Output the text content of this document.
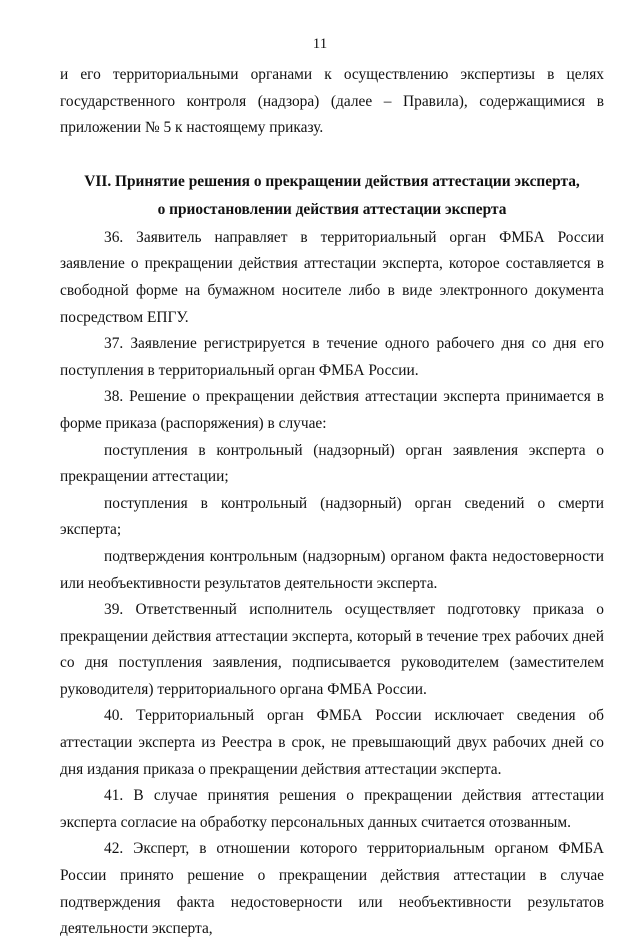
11

и его территориальными органами к осуществлению экспертизы в целях государственного контроля (надзора) (далее – Правила), содержащимися в приложении № 5 к настоящему приказу.

VII. Принятие решения о прекращении действия аттестации эксперта,
о приостановлении действия аттестации эксперта

36. Заявитель направляет в территориальный орган ФМБА России заявление о прекращении действия аттестации эксперта, которое составляется в свободной форме на бумажном носителе либо в виде электронного документа посредством ЕПГУ.

37. Заявление регистрируется в течение одного рабочего дня со дня его поступления в территориальный орган ФМБА России.

38. Решение о прекращении действия аттестации эксперта принимается в форме приказа (распоряжения) в случае:

поступления в контрольный (надзорный) орган заявления эксперта о прекращении аттестации;

поступления в контрольный (надзорный) орган сведений о смерти эксперта;

подтверждения контрольным (надзорным) органом факта недостоверности или необъективности результатов деятельности эксперта.

39. Ответственный исполнитель осуществляет подготовку приказа о прекращении действия аттестации эксперта, который в течение трех рабочих дней со дня поступления заявления, подписывается руководителем (заместителем руководителя) территориального органа ФМБА России.

40. Территориальный орган ФМБА России исключает сведения об аттестации эксперта из Реестра в срок, не превышающий двух рабочих дней со дня издания приказа о прекращении действия аттестации эксперта.

41. В случае принятия решения о прекращении действия аттестации эксперта согласие на обработку персональных данных считается отозванным.

42. Эксперт, в отношении которого территориальным органом ФМБА России принято решение о прекращении действия аттестации в случае подтверждения факта недостоверности или необъективности результатов деятельности эксперта,
